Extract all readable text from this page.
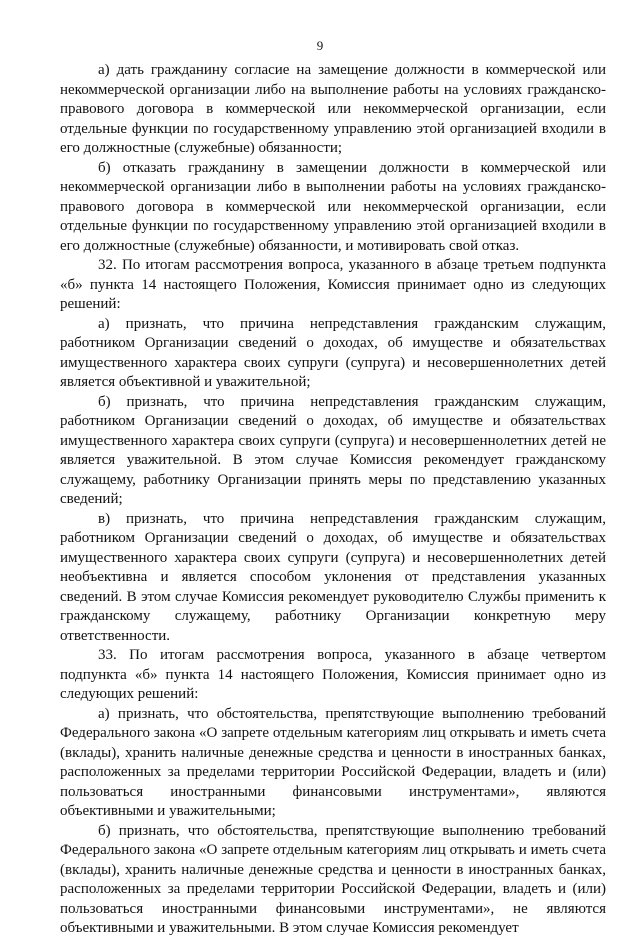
9

а) дать гражданину согласие на замещение должности в коммерческой или некоммерческой организации либо на выполнение работы на условиях гражданско-правового договора в коммерческой или некоммерческой организации, если отдельные функции по государственному управлению этой организацией входили в его должностные (служебные) обязанности;

б) отказать гражданину в замещении должности в коммерческой или некоммерческой организации либо в выполнении работы на условиях гражданско-правового договора в коммерческой или некоммерческой организации, если отдельные функции по государственному управлению этой организацией входили в его должностные (служебные) обязанности, и мотивировать свой отказ.

32. По итогам рассмотрения вопроса, указанного в абзаце третьем подпункта «б» пункта 14 настоящего Положения, Комиссия принимает одно из следующих решений:

а) признать, что причина непредставления гражданским служащим, работником Организации сведений о доходах, об имуществе и обязательствах имущественного характера своих супруги (супруга) и несовершеннолетних детей является объективной и уважительной;

б) признать, что причина непредставления гражданским служащим, работником Организации сведений о доходах, об имуществе и обязательствах имущественного характера своих супруги (супруга) и несовершеннолетних детей не является уважительной. В этом случае Комиссия рекомендует гражданскому служащему, работнику Организации принять меры по представлению указанных сведений;

в) признать, что причина непредставления гражданским служащим, работником Организации сведений о доходах, об имуществе и обязательствах имущественного характера своих супруги (супруга) и несовершеннолетних детей необъективна и является способом уклонения от представления указанных сведений. В этом случае Комиссия рекомендует руководителю Службы применить к гражданскому служащему, работнику Организации конкретную меру ответственности.

33. По итогам рассмотрения вопроса, указанного в абзаце четвертом подпункта «б» пункта 14 настоящего Положения, Комиссия принимает одно из следующих решений:

а) признать, что обстоятельства, препятствующие выполнению требований Федерального закона «О запрете отдельным категориям лиц открывать и иметь счета (вклады), хранить наличные денежные средства и ценности в иностранных банках, расположенных за пределами территории Российской Федерации, владеть и (или) пользоваться иностранными финансовыми инструментами», являются объективными и уважительными;

б) признать, что обстоятельства, препятствующие выполнению требований Федерального закона «О запрете отдельным категориям лиц открывать и иметь счета (вклады), хранить наличные денежные средства и ценности в иностранных банках, расположенных за пределами территории Российской Федерации, владеть и (или) пользоваться иностранными финансовыми инструментами», не являются объективными и уважительными. В этом случае Комиссия рекомендует
